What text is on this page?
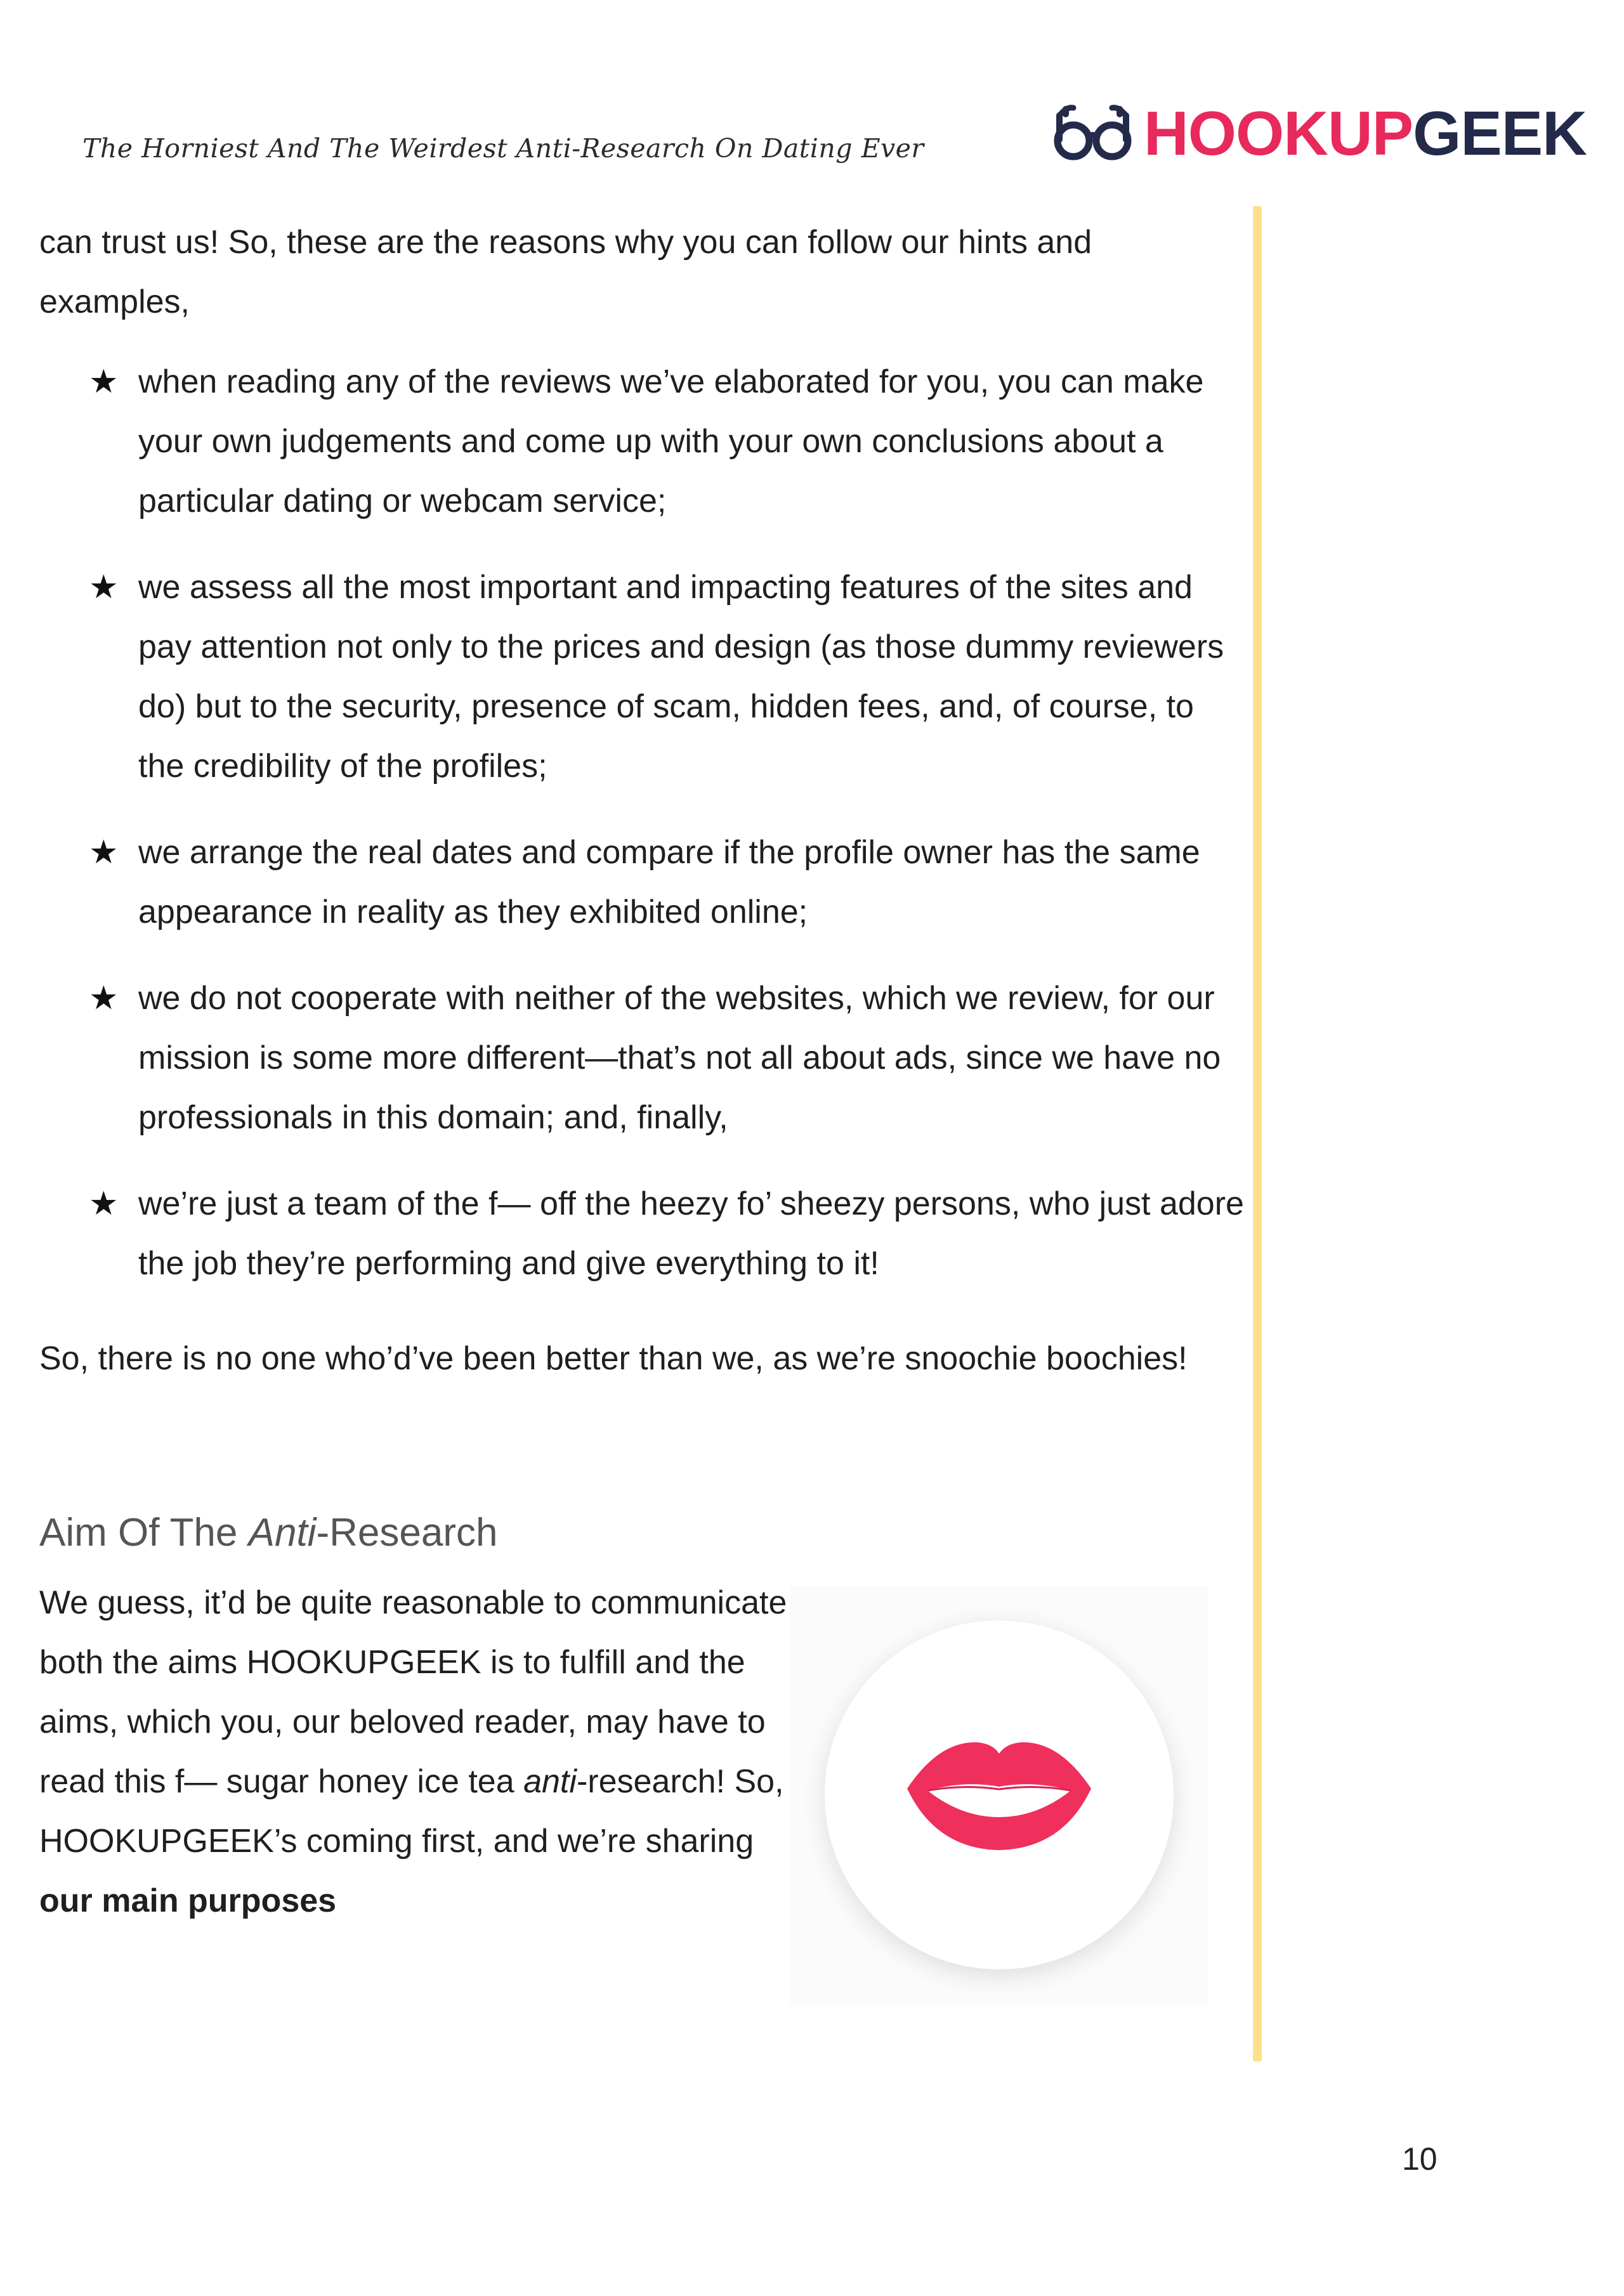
The Horniest And The Weirdest Anti-Research On Dating Ever	HOOKUPGEEK
can trust us! So, these are the reasons why you can follow our hints and examples,
★ when reading any of the reviews we’ve elaborated for you, you can make your own judgements and come up with your own conclusions about a particular dating or webcam service;
★ we assess all the most important and impacting features of the sites and pay attention not only to the prices and design (as those dummy reviewers do) but to the security, presence of scam, hidden fees, and, of course, to the credibility of the profiles;
★ we arrange the real dates and compare if the profile owner has the same appearance in reality as they exhibited online;
★ we do not cooperate with neither of the websites, which we review, for our mission is some more different—that’s not all about ads, since we have no professionals in this domain; and, finally,
★ we’re just a team of the f— off the heezy fo’ sheezy persons, who just adore the job they’re performing and give everything to it!
So, there is no one who’d’ve been better than we, as we’re snoochie boochies!
Aim Of The Anti-Research
We guess, it’d be quite reasonable to communicate both the aims HOOKUPGEEK is to fulfill and the aims, which you, our beloved reader, may have to read this f— sugar honey ice tea anti-research! So, HOOKUPGEEK’s coming first, and we’re sharing our main purposes
10
